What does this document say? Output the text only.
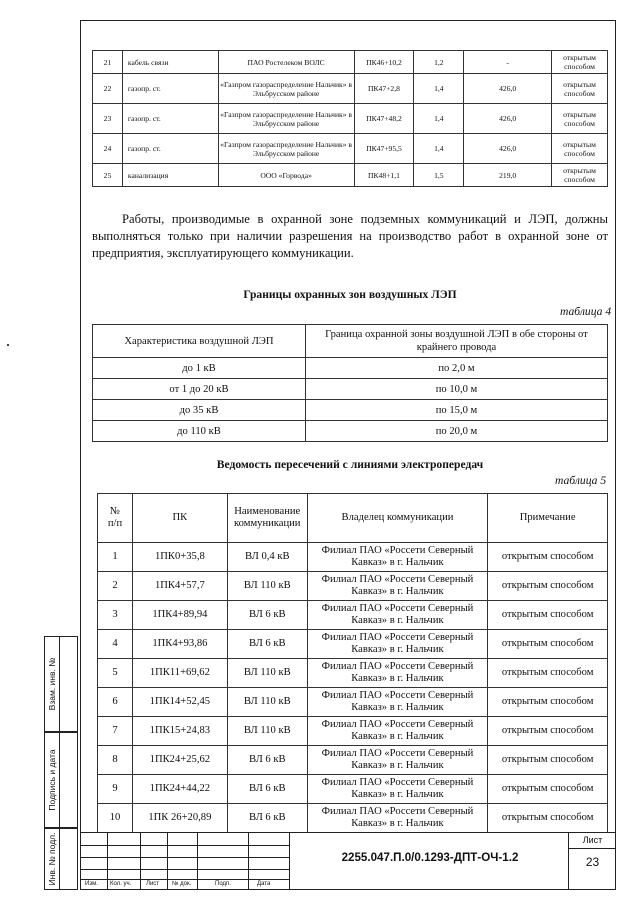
21	кабель связи	ПАО Ростелеком ВОЛС	ПК46+10,2	1,2	-	открытым способом
22	газопр. ст.	«Газпром газораспределение Нальчик» в Эльбрусском районе	ПК47+2,8	1,4	426,0	открытым способом
23	газопр. ст.	«Газпром газораспределение Нальчик» в Эльбрусском районе	ПК47+48,2	1,4	426,0	открытым способом
24	газопр. ст.	«Газпром газораспределение Нальчик» в Эльбрусском районе	ПК47+95,5	1,4	426,0	открытым способом
25	канализация	ООО «Горвода»	ПК48+1,1	1,5	219,0	открытым способом

Работы, производимые в охранной зоне подземных коммуникаций и ЛЭП, должны выполняться только при наличии разрешения на производство работ в охранной зоне от предприятия, эксплуатирующего коммуникации.

Границы охранных зон воздушных ЛЭП
таблица 4
Характеристика воздушной ЛЭП	Граница охранной зоны воздушной ЛЭП в обе стороны от крайнего провода
до 1 кВ	по 2,0 м
от 1 до 20 кВ	по 10,0 м
до 35 кВ	по 15,0 м
до 110 кВ	по 20,0 м
Ведомость пересечений с линиями электропередач
таблица 5
№ п/п	ПК	Наименование коммуникации	Владелец коммуникации	Примечание
1	1ПК0+35,8	ВЛ 0,4 кВ	Филиал ПАО «Россети Северный Кавказ» в г. Нальчик	открытым способом
2	1ПК4+57,7	ВЛ 110 кВ	Филиал ПАО «Россети Северный Кавказ» в г. Нальчик	открытым способом
3	1ПК4+89,94	ВЛ 6 кВ	Филиал ПАО «Россети Северный Кавказ» в г. Нальчик	открытым способом
4	1ПК4+93,86	ВЛ 6 кВ	Филиал ПАО «Россети Северный Кавказ» в г. Нальчик	открытым способом
5	1ПК11+69,62	ВЛ 110 кВ	Филиал ПАО «Россети Северный Кавказ» в г. Нальчик	открытым способом
6	1ПК14+52,45	ВЛ 110 кВ	Филиал ПАО «Россети Северный Кавказ» в г. Нальчик	открытым способом
7	1ПК15+24,83	ВЛ 110 кВ	Филиал ПАО «Россети Северный Кавказ» в г. Нальчик	открытым способом
8	1ПК24+25,62	ВЛ 6 кВ	Филиал ПАО «Россети Северный Кавказ» в г. Нальчик	открытым способом
9	1ПК24+44,22	ВЛ 6 кВ	Филиал ПАО «Россети Северный Кавказ» в г. Нальчик	открытым способом
10	1ПК 26+20,89	ВЛ 6 кВ	Филиал ПАО «Россети Северный Кавказ» в г. Нальчик	открытым способом
Взам. инв. №
Подпись и дата
Инв. № подл.	Изм. Кол. уч. Лист № док.	Подп.	Дата
2255.047.П.0/0.1293-ДПТ-ОЧ-1.2
Лист
23
